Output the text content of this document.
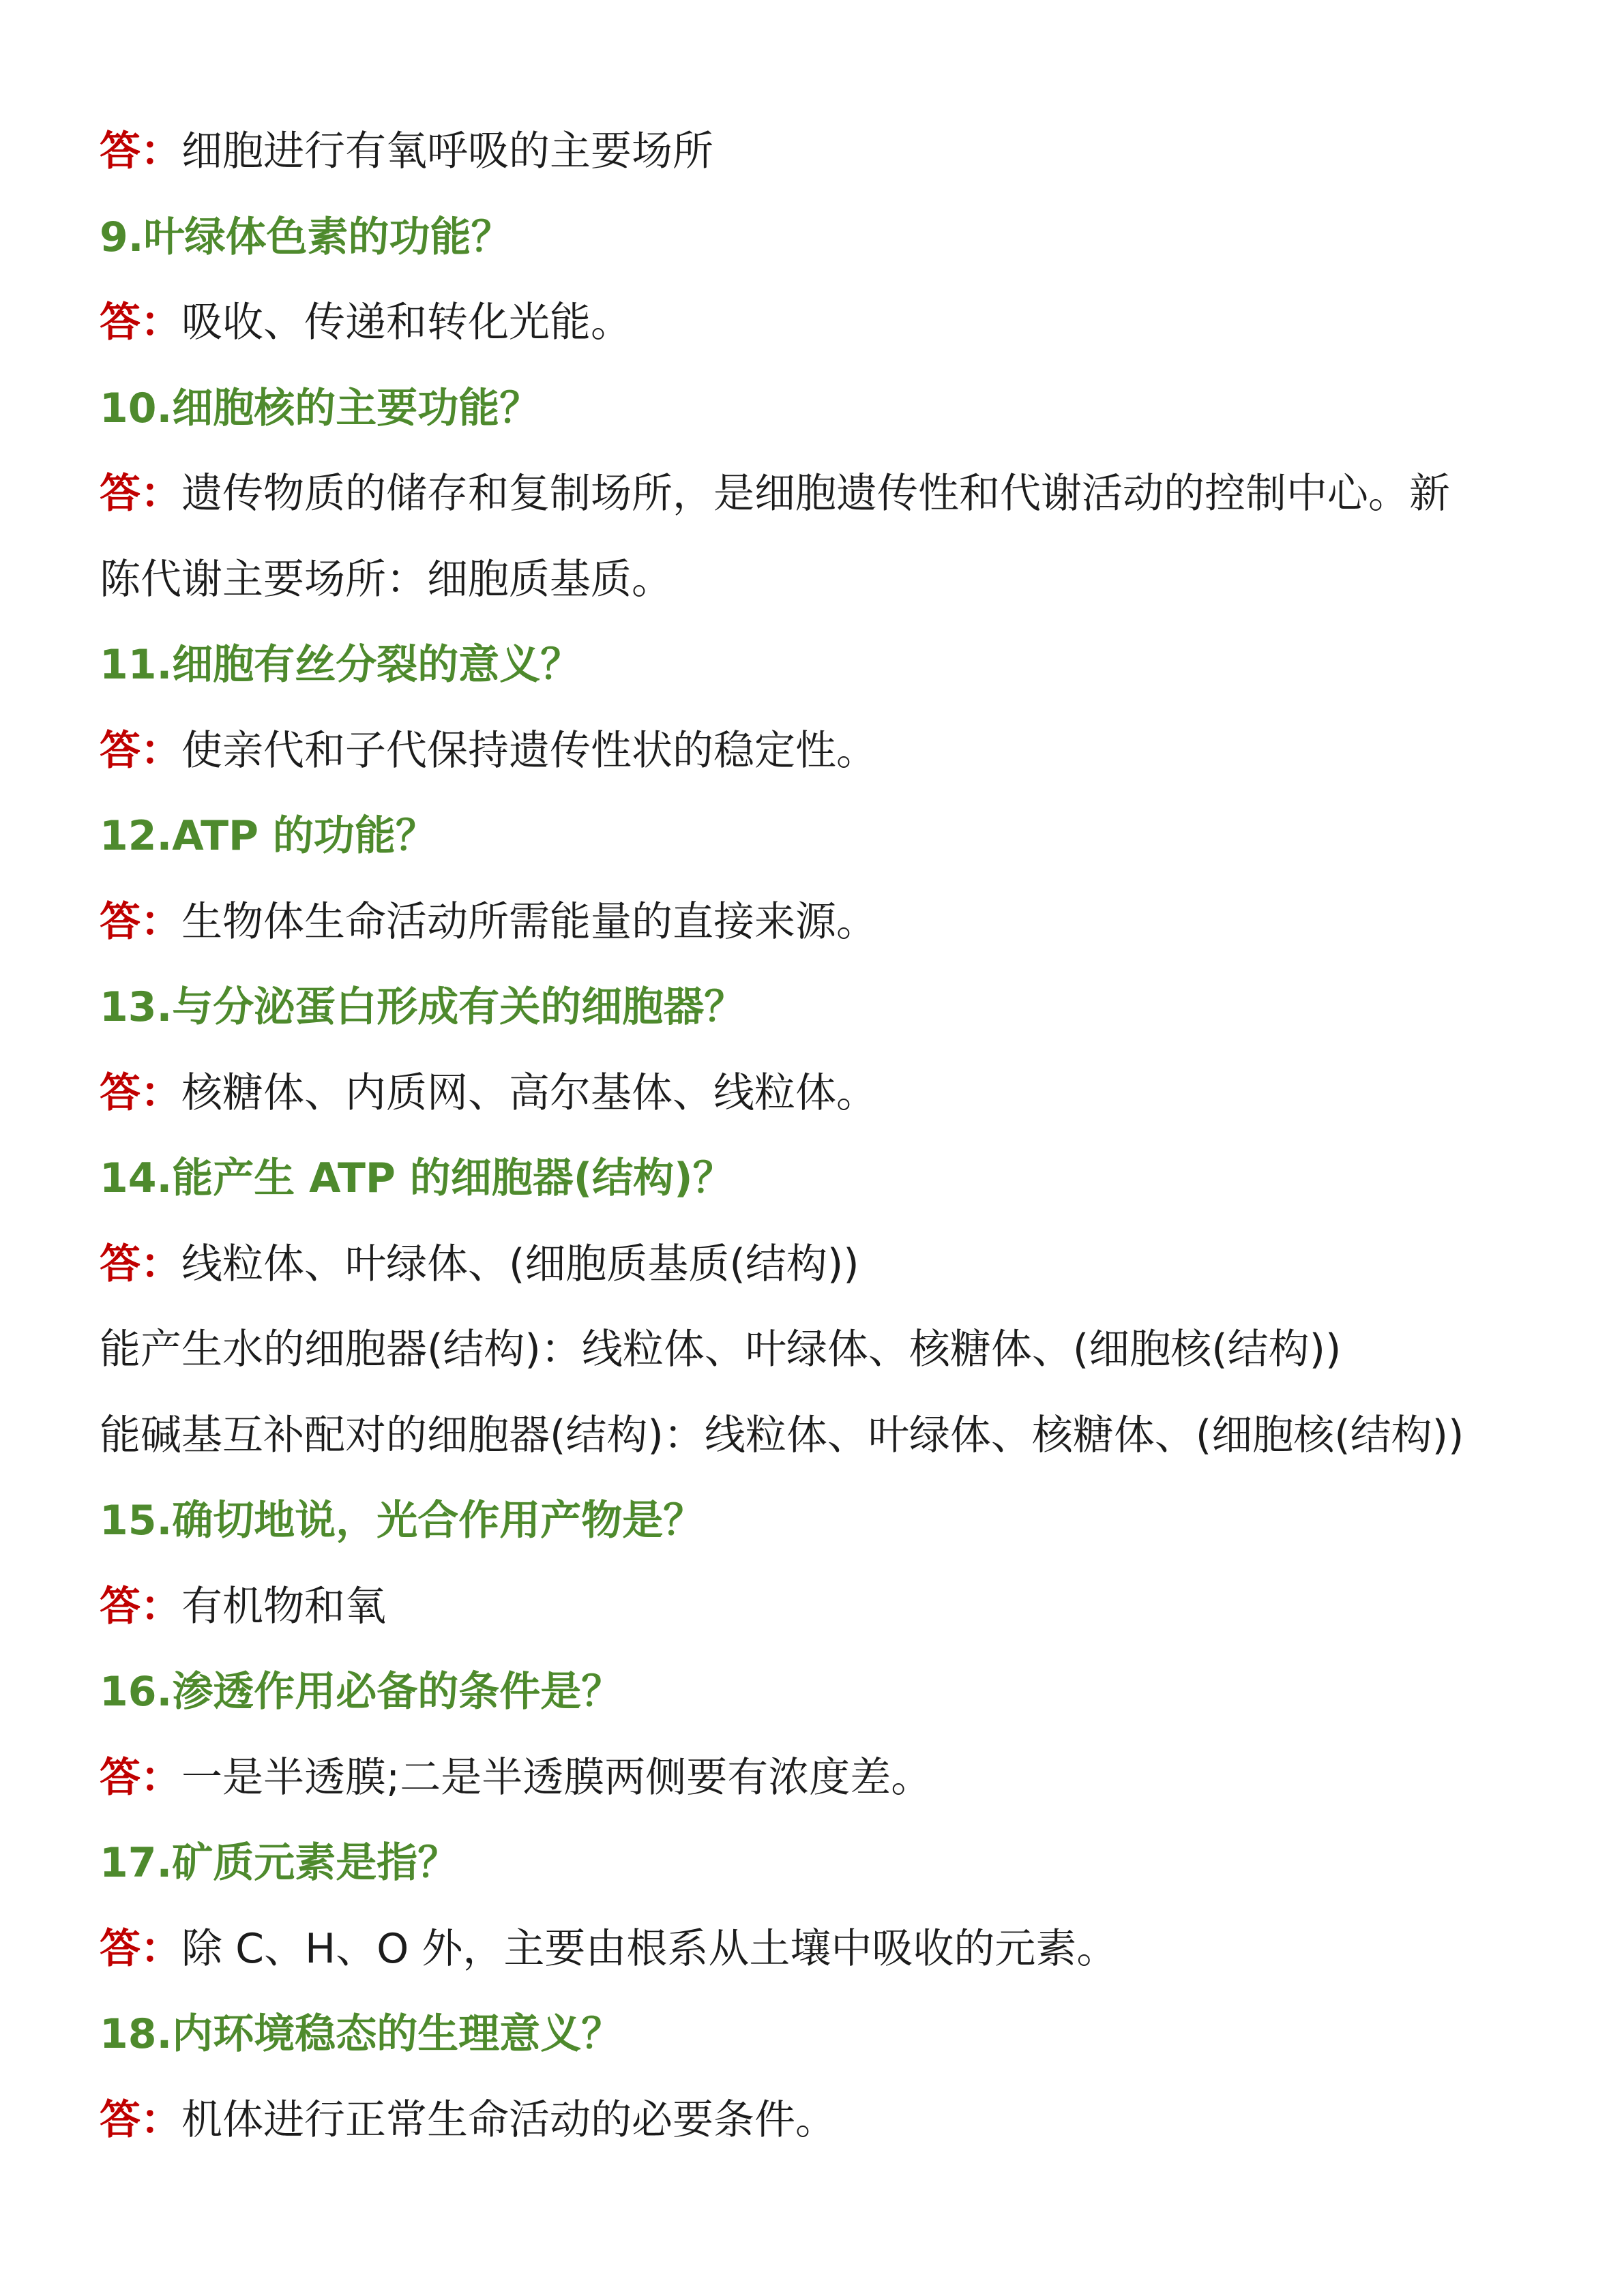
答：细胞进行有氧呼吸的主要场所
9.叶绿体色素的功能？
答：吸收、传递和转化光能。
10.细胞核的主要功能？
答：遗传物质的储存和复制场所，是细胞遗传性和代谢活动的控制中心。新
陈代谢主要场所：细胞质基质。
11.细胞有丝分裂的意义？
答：使亲代和子代保持遗传性状的稳定性。
12.ATP 的功能？
答：生物体生命活动所需能量的直接来源。
13.与分泌蛋白形成有关的细胞器？
答：核糖体、内质网、高尔基体、线粒体。
14.能产生 ATP 的细胞器(结构)？
答：线粒体、叶绿体、(细胞质基质(结构))
能产生水的细胞器(结构)：线粒体、叶绿体、核糖体、(细胞核(结构))
能碱基互补配对的细胞器(结构)：线粒体、叶绿体、核糖体、(细胞核(结构))
15.确切地说，光合作用产物是？
答：有机物和氧
16.渗透作用必备的条件是？
答：一是半透膜;二是半透膜两侧要有浓度差。
17.矿质元素是指？
答：除 C、H、O 外，主要由根系从土壤中吸收的元素。
18.内环境稳态的生理意义？
答：机体进行正常生命活动的必要条件。
